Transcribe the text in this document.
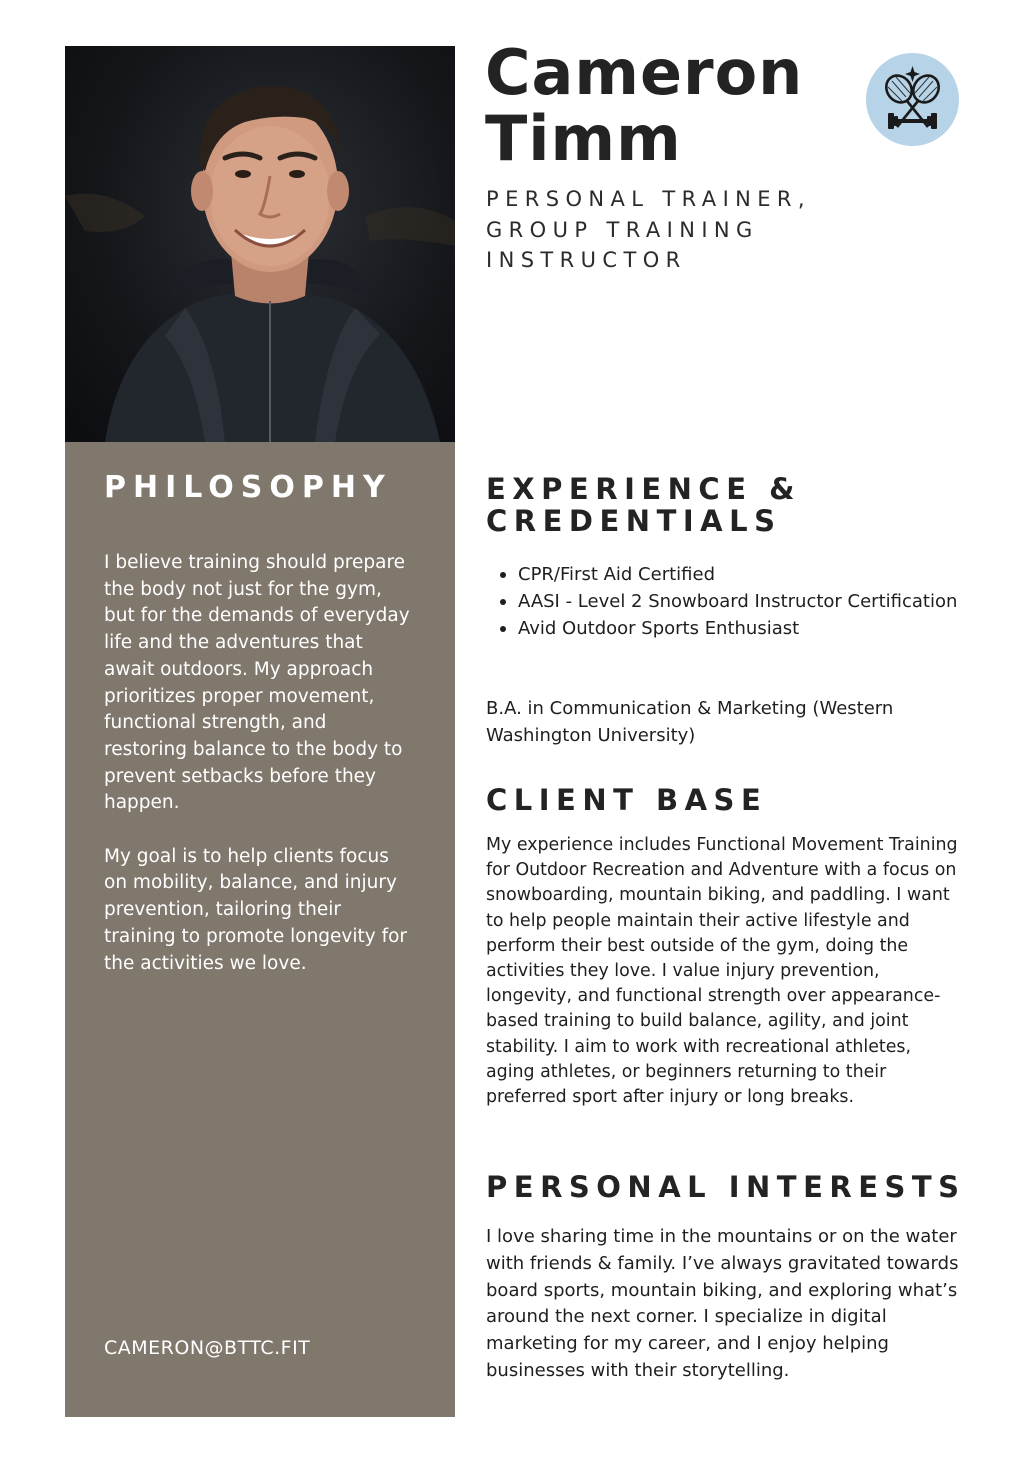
PHILOSOPHY

I believe training should prepare the body not just for the gym, but for the demands of everyday life and the adventures that await outdoors. My approach prioritizes proper movement, functional strength, and restoring balance to the body to prevent setbacks before they happen.

My goal is to help clients focus on mobility, balance, and injury prevention, tailoring their training to promote longevity for the activities we love.

CAMERON@BTTC.FIT
Cameron
Timm

PERSONAL TRAINER, GROUP TRAINING INSTRUCTOR

EXPERIENCE &
CREDENTIALS
CPR/First Aid Certified
AASI - Level 2 Snowboard Instructor Certification
Avid Outdoor Sports Enthusiast

B.A. in Communication & Marketing (Western Washington University)

CLIENT BASE

My experience includes Functional Movement Training for Outdoor Recreation and Adventure with a focus on snowboarding, mountain biking, and paddling. I want to help people maintain their active lifestyle and perform their best outside of the gym, doing the activities they love. I value injury prevention, longevity, and functional strength over appearance-based training to build balance, agility, and joint stability. I aim to work with recreational athletes, aging athletes, or beginners returning to their preferred sport after injury or long breaks.

PERSONAL INTERESTS

I love sharing time in the mountains or on the water with friends & family. I’ve always gravitated towards board sports, mountain biking, and exploring what’s around the next corner. I specialize in digital marketing for my career, and I enjoy helping businesses with their storytelling.
